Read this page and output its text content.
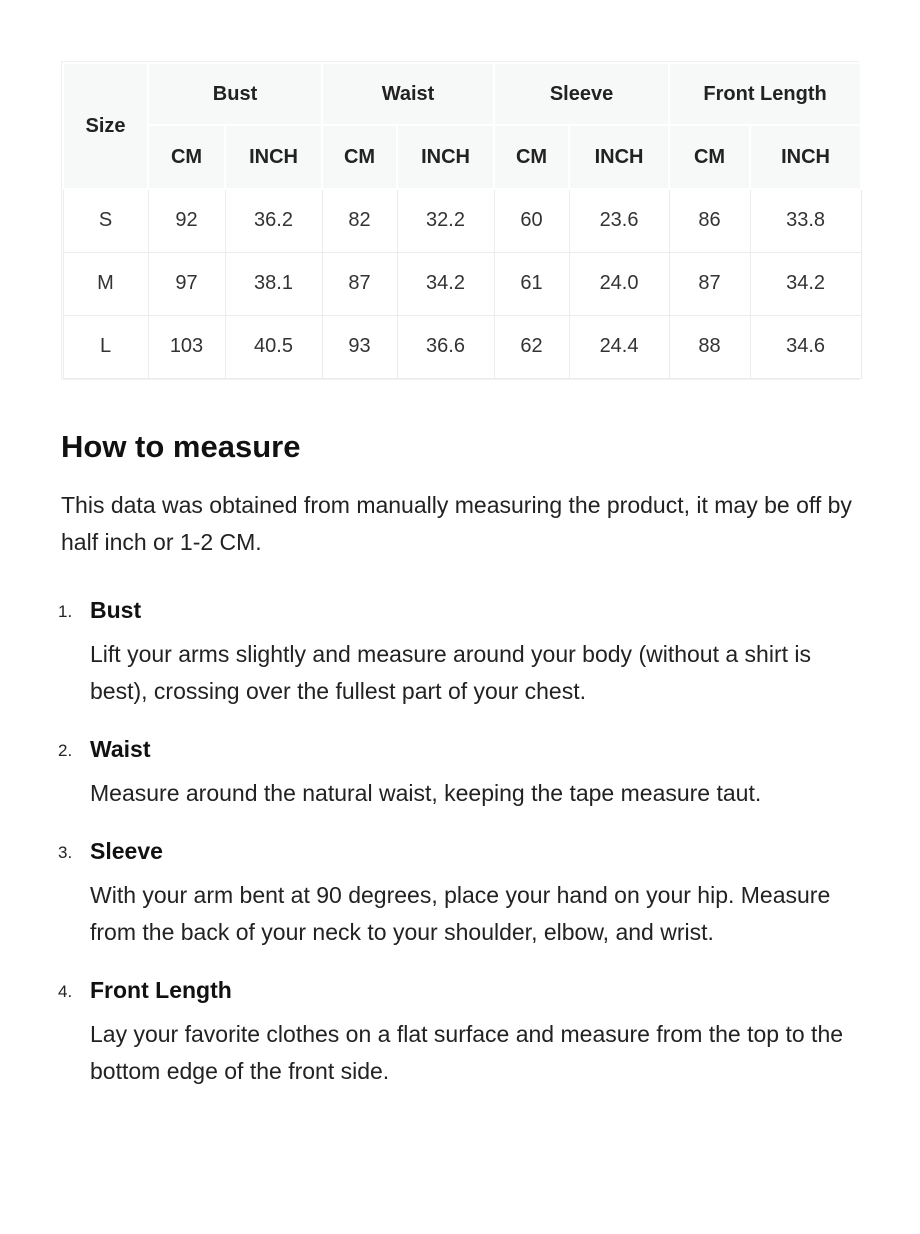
Size	Bust		Waist		Sleeve		Front Length	
	CM	INCH	CM	INCH	CM	INCH	CM	INCH
S	92	36.2	82	32.2	60	23.6	86	33.8
M	97	38.1	87	34.2	61	24.0	87	34.2
L	103	40.5	93	36.6	62	24.4	88	34.6
How to measure

This data was obtained from manually measuring the product, it may be off by half inch or 1-2 CM.

1. Bust

Lift your arms slightly and measure around your body (without a shirt is best), crossing over the fullest part of your chest.

2. Waist

Measure around the natural waist, keeping the tape measure taut.

3. Sleeve

With your arm bent at 90 degrees, place your hand on your hip. Measure from the back of your neck to your shoulder, elbow, and wrist.

4. Front Length

Lay your favorite clothes on a flat surface and measure from the top to the bottom edge of the front side.
